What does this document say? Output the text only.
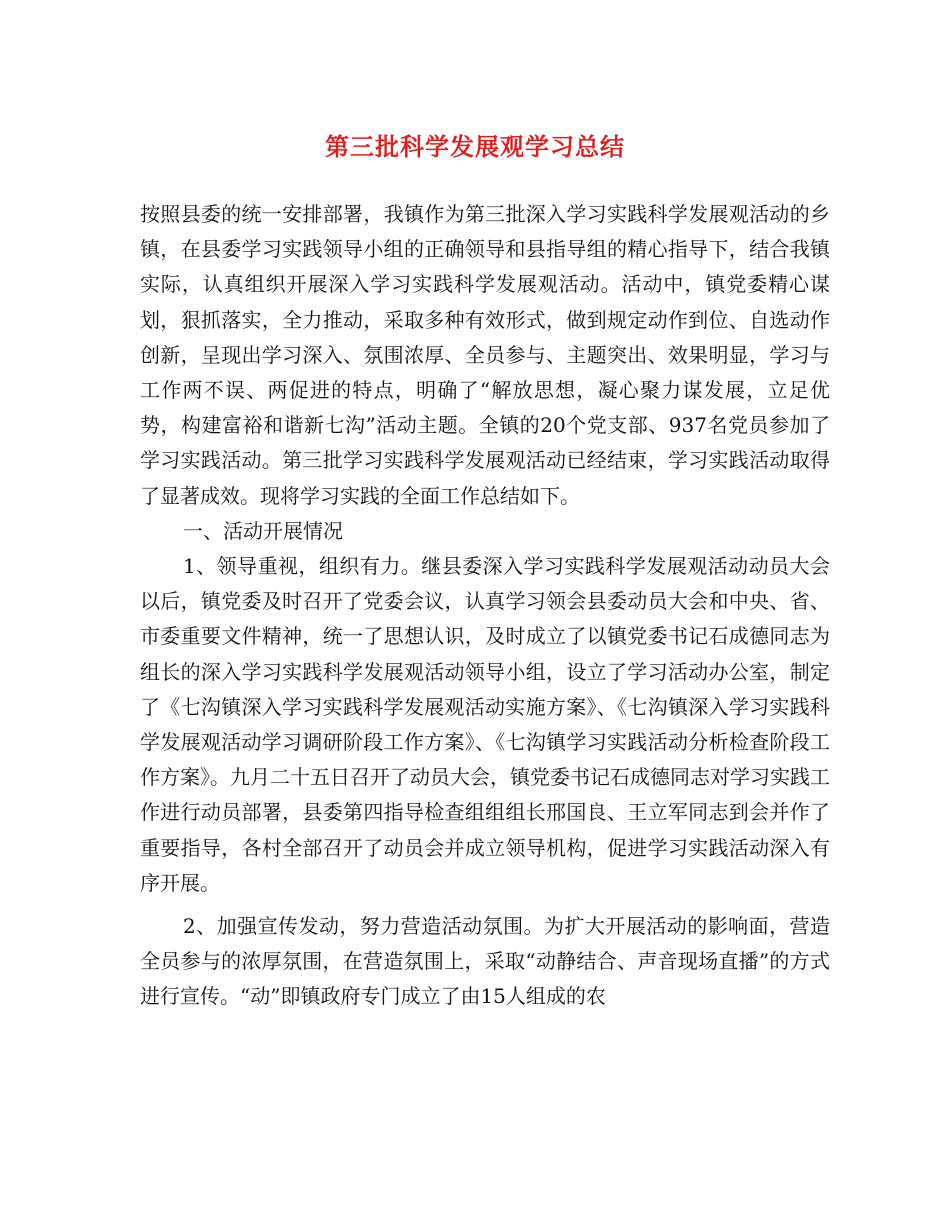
第三批科学发展观学习总结

按照县委的统一安排部署，我镇作为第三批深入学习实践科学发展观活动的乡镇，在县委学习实践领导小组的正确领导和县指导组的精心指导下，结合我镇实际，认真组织开展深入学习实践科学发展观活动。活动中，镇党委精心谋划，狠抓落实，全力推动，采取多种有效形式，做到规定动作到位、自选动作创新，呈现出学习深入、氛围浓厚、全员参与、主题突出、效果明显，学习与工作两不误、两促进的特点，明确了“解放思想，凝心聚力谋发展，立足优势，构建富裕和谐新七沟”活动主题。全镇的20个党支部、937名党员参加了学习实践活动。第三批学习实践科学发展观活动已经结束，学习实践活动取得了显著成效。现将学习实践的全面工作总结如下。

一、活动开展情况

1、领导重视，组织有力。继县委深入学习实践科学发展观活动动员大会以后，镇党委及时召开了党委会议，认真学习领会县委动员大会和中央、省、市委重要文件精神，统一了思想认识，及时成立了以镇党委书记石成德同志为组长的深入学习实践科学发展观活动领导小组，设立了学习活动办公室，制定了《七沟镇深入学习实践科学发展观活动实施方案》、《七沟镇深入学习实践科学发展观活动学习调研阶段工作方案》、《七沟镇学习实践活动分析检查阶段工作方案》。九月二十五日召开了动员大会，镇党委书记石成德同志对学习实践工作进行动员部署，县委第四指导检查组组组长邢国良、王立军同志到会并作了重要指导，各村全部召开了动员会并成立领导机构，促进学习实践活动深入有序开展。

2、加强宣传发动，努力营造活动氛围。为扩大开展活动的影响面，营造全员参与的浓厚氛围，在营造氛围上，采取“动静结合、声音现场直播”的方式进行宣传。“动”即镇政府专门成立了由15人组成的农
